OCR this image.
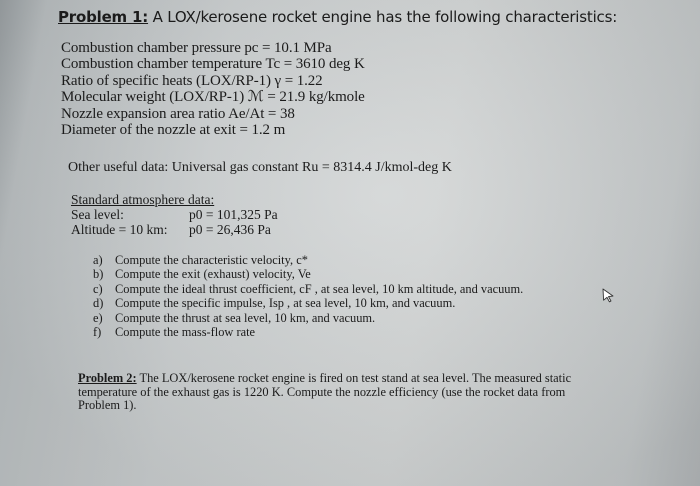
Problem 1: A LOX/kerosene rocket engine has the following characteristics:
Combustion chamber pressure pc = 10.1 MPa
Combustion chamber temperature Tc = 3610 deg K
Ratio of specific heats (LOX/RP-1) γ = 1.22
Molecular weight (LOX/RP-1) ℳ = 21.9 kg/kmole
Nozzle expansion area ratio Ae/At = 38
Diameter of the nozzle at exit = 1.2 m
Other useful data: Universal gas constant Ru = 8314.4 J/kmol-deg K
Standard atmosphere data:
Sea level:	p0 = 101,325 Pa
Altitude = 10 km: p0 = 26,436 Pa
a) Compute the characteristic velocity, c*
b) Compute the exit (exhaust) velocity, Ve
c) Compute the ideal thrust coefficient, cF , at sea level, 10 km altitude, and vacuum.
d) Compute the specific impulse, Isp , at sea level, 10 km, and vacuum.
e) Compute the thrust at sea level, 10 km, and vacuum.
f) Compute the mass-flow rate
Problem 2: The LOX/kerosene rocket engine is fired on test stand at sea level. The measured static temperature of the exhaust gas is 1220 K. Compute the nozzle efficiency (use the rocket data from Problem 1).
